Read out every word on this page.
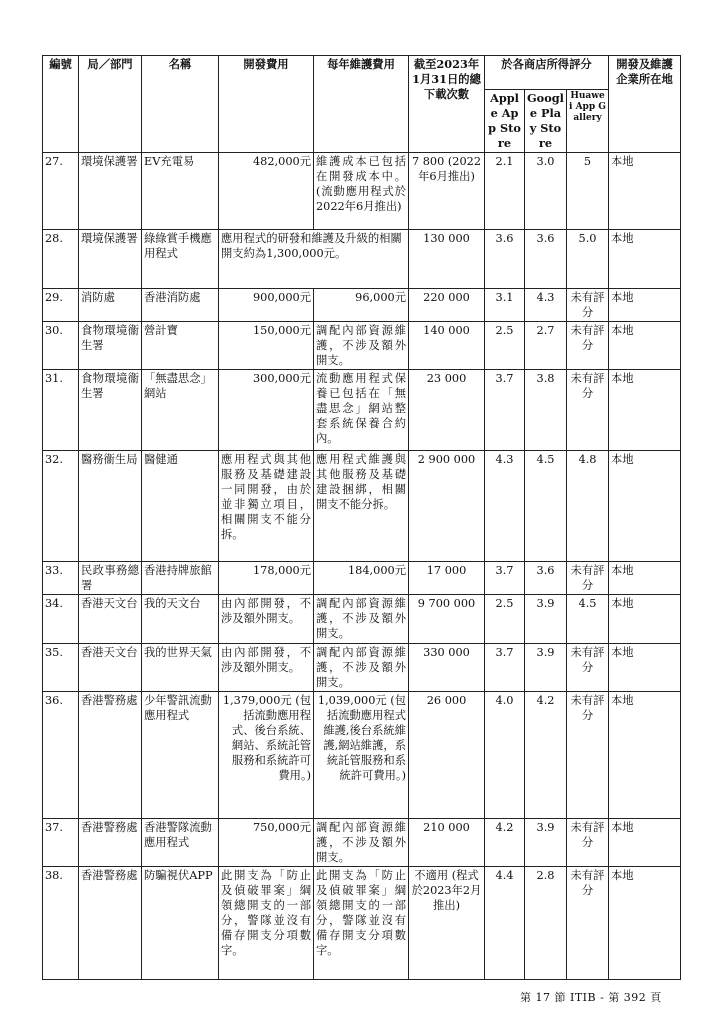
編號	局／部門	名稱	開發費用	每年維護費用	截至2023年1月31日的總下載次數	於各商店所得評分			開發及維護企業所在地
						Apple App Store	Google Play Store	Huawei App Gallery	
27.	環境保護署	EV充電易	482,000元	維護成本已包括在開發成本中。(流動應用程式於2022年6月推出)	7 800 (2022年6月推出)	2.1	3.0	5	本地
28.	環境保護署	綠綠賞手機應用程式	應用程式的研發和維護及升級的相關開支約為1,300,000元。		130 000	3.6	3.6	5.0	本地
29.	消防處	香港消防處	900,000元	96,000元	220 000	3.1	4.3	未有評分	本地
30.	食物環境衞生署	營計寶	150,000元	調配內部資源維護，不涉及額外開支。	140 000	2.5	2.7	未有評分	本地
31.	食物環境衞生署	「無盡思念」網站	300,000元	流動應用程式保養已包括在「無盡思念」網站整套系統保養合約內。	23 000	3.7	3.8	未有評分	本地
32.	醫務衞生局	醫健通	應用程式與其他服務及基礎建設一同開發，由於並非獨立項目，相關開支不能分拆。	應用程式維護與其他服務及基礎建設捆綁，相關開支不能分拆。	2 900 000	4.3	4.5	4.8	本地
33.	民政事務總署	香港持牌旅館	178,000元	184,000元	17 000	3.7	3.6	未有評分	本地
34.	香港天文台	我的天文台	由內部開發，不涉及額外開支。	調配內部資源維護，不涉及額外開支。	9 700 000	2.5	3.9	4.5	本地
35.	香港天文台	我的世界天氣	由內部開發，不涉及額外開支。	調配內部資源維護，不涉及額外開支。	330 000	3.7	3.9	未有評分	本地
36.	香港警務處	少年警訊流動應用程式	1,379,000元 (包括流動應用程式、後台系統、網站、系統託管服務和系統許可費用。)	1,039,000元 (包括流動應用程式維護,後台系統維護,網站維護，系統託管服務和系統許可費用。)	26 000	4.0	4.2	未有評分	本地
37.	香港警務處	香港警隊流動應用程式	750,000元	調配內部資源維護，不涉及額外開支。	210 000	4.2	3.9	未有評分	本地
38.	香港警務處	防騙視伏APP	此開支為「防止及偵破罪案」綱領總開支的一部分，警隊並沒有備存開支分項數字。	此開支為「防止及偵破罪案」綱領總開支的一部分，警隊並沒有備存開支分項數字。	不適用 (程式於2023年2月推出)	4.4	2.8	未有評分	本地
第 17 節 ITIB - 第 392 頁
